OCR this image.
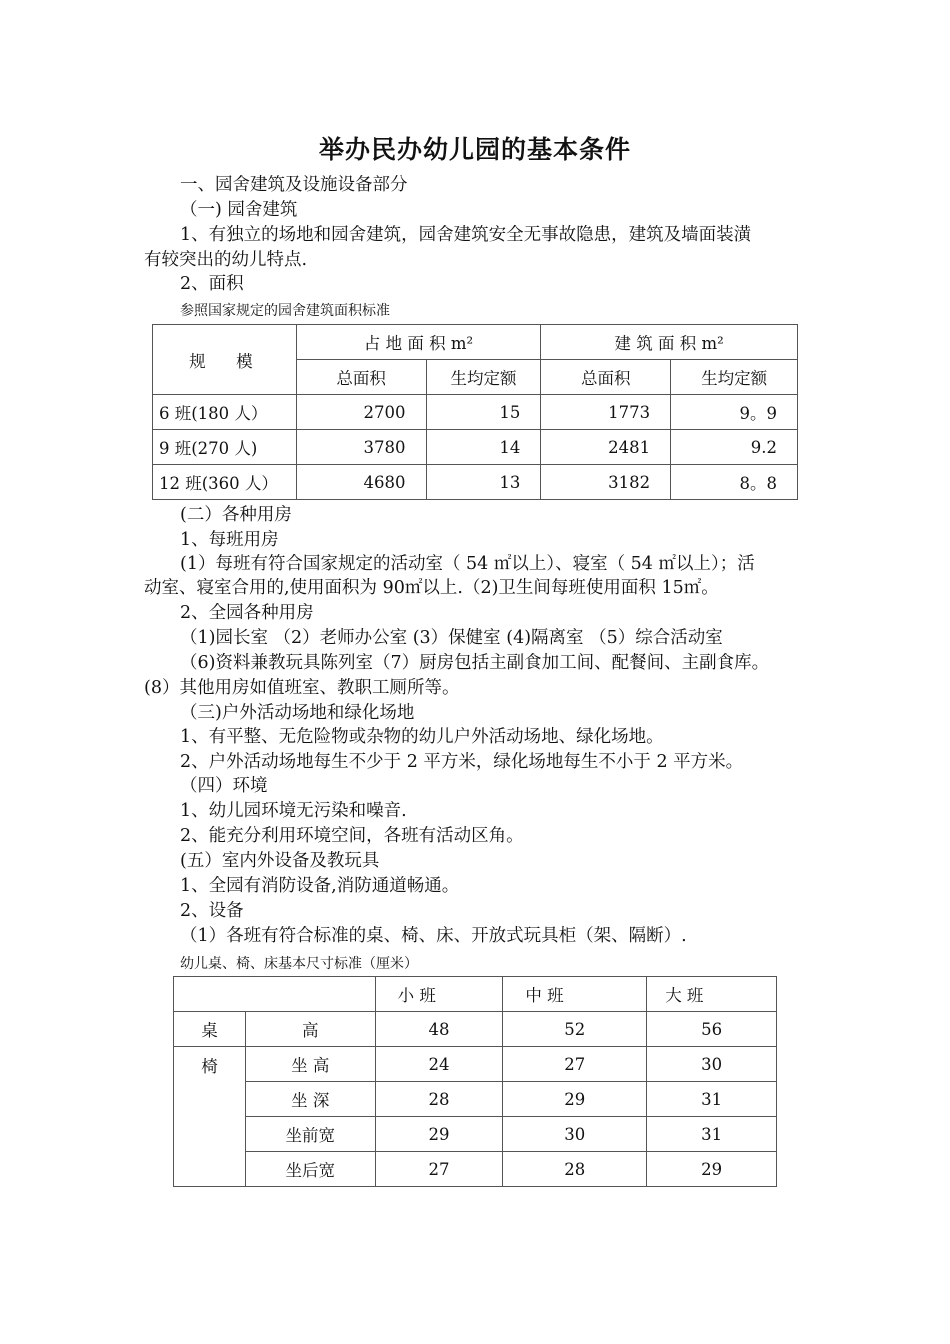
举办民办幼儿园的基本条件
一、园舍建筑及设施设备部分
（一) 园舍建筑
1、有独立的场地和园舍建筑，园舍建筑安全无事故隐患，建筑及墙面装潢
有较突出的幼儿特点.
2、面积
参照国家规定的园舍建筑面积标准
规　模	占 地 面 积 m²		建 筑 面 积 m²	
	总面积	生均定额	总面积	生均定额
6 班(180 人）	2700	15	1773	9。9
9 班(270 人)	3780	14	2481	9.2
12 班(360 人）	4680	13	3182	8。8
(二）各种用房
1、每班用房
(1）每班有符合国家规定的活动室（ 54 ㎡以上）、寝室（ 54 ㎡以上）；活
动室、寝室合用的,使用面积为 90㎡以上.（2)卫生间每班使用面积 15㎡。
2、全园各种用房
（1)园长室 （2）老师办公室 (3）保健室 (4)隔离室 （5）综合活动室
（6)资料兼教玩具陈列室（7）厨房包括主副食加工间、配餐间、主副食库。
(8）其他用房如值班室、教职工厕所等。
（三)户外活动场地和绿化场地
1、有平整、无危险物或杂物的幼儿户外活动场地、绿化场地。
2、户外活动场地每生不少于 2 平方米，绿化场地每生不小于 2 平方米。
（四）环境
1、幼儿园环境无污染和噪音.
2、能充分利用环境空间，各班有活动区角。
(五）室内外设备及教玩具
1、全园有消防设备,消防通道畅通。
2、设备
（1）各班有符合标准的桌、椅、床、开放式玩具柜（架、隔断）.
幼儿桌、椅、床基本尺寸标准（厘米）
		小 班	中 班	大 班
桌	高	48	52	56
椅	坐 高	24	27	30
	坐 深	28	29	31
	坐前宽	29	30	31
	坐后宽	27	28	29
